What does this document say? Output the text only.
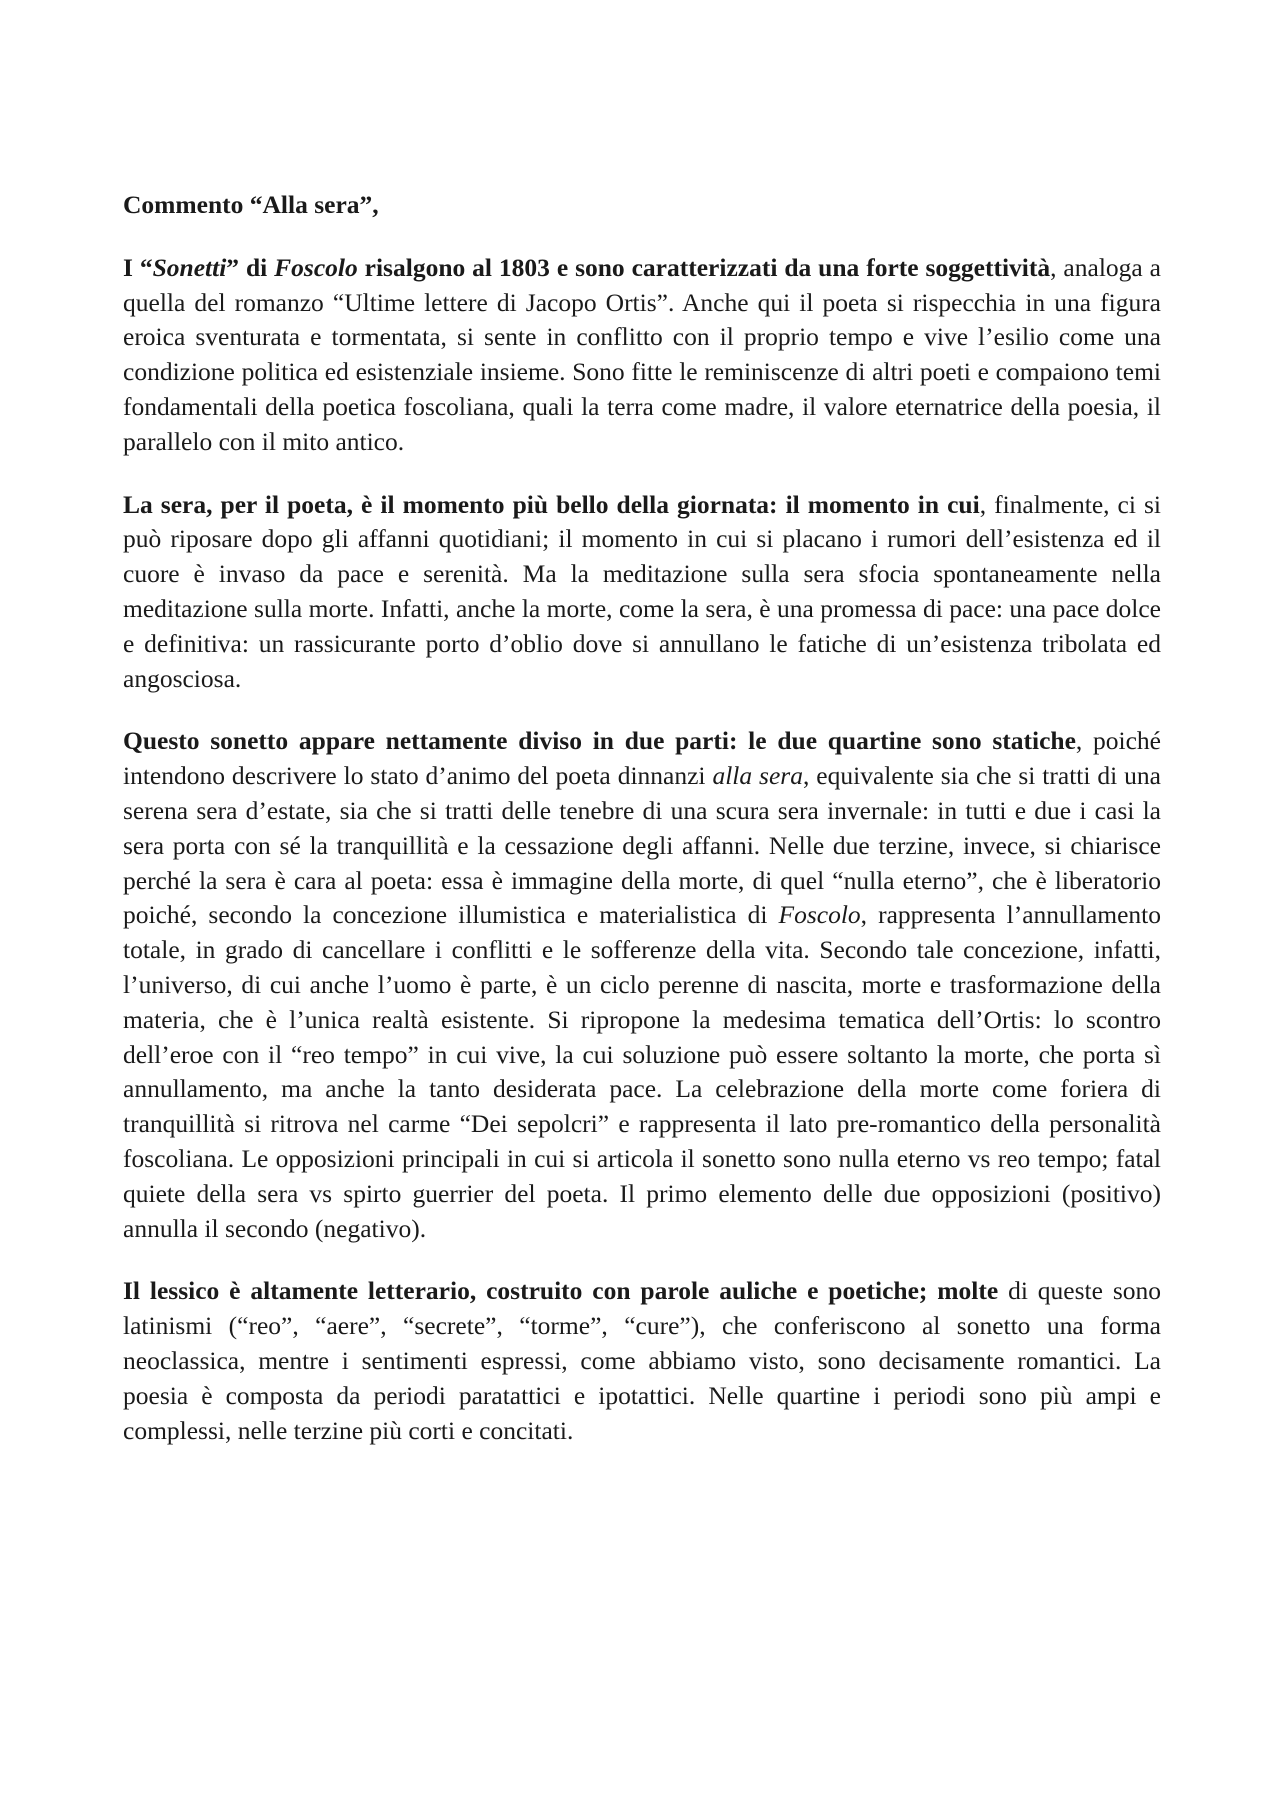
Commento “Alla sera”,
I “Sonetti” di Foscolo risalgono al 1803 e sono caratterizzati da una forte soggettività, analoga a quella del romanzo “Ultime lettere di Jacopo Ortis”. Anche qui il poeta si rispecchia in una figura eroica sventurata e tormentata, si sente in conflitto con il proprio tempo e vive l’esilio come una condizione politica ed esistenziale insieme. Sono fitte le reminiscenze di altri poeti e compaiono temi fondamentali della poetica foscoliana, quali la terra come madre, il valore eternatrice della poesia, il parallelo con il mito antico.
La sera, per il poeta, è il momento più bello della giornata: il momento in cui, finalmente, ci si può riposare dopo gli affanni quotidiani; il momento in cui si placano i rumori dell’esistenza ed il cuore è invaso da pace e serenità. Ma la meditazione sulla sera sfocia spontaneamente nella meditazione sulla morte. Infatti, anche la morte, come la sera, è una promessa di pace: una pace dolce e definitiva: un rassicurante porto d’oblio dove si annullano le fatiche di un’esistenza tribolata ed angosciosa.
Questo sonetto appare nettamente diviso in due parti: le due quartine sono statiche, poiché intendono descrivere lo stato d’animo del poeta dinnanzi alla sera, equivalente sia che si tratti di una serena sera d’estate, sia che si tratti delle tenebre di una scura sera invernale: in tutti e due i casi la sera porta con sé la tranquillità e la cessazione degli affanni. Nelle due terzine, invece, si chiarisce perché la sera è cara al poeta: essa è immagine della morte, di quel “nulla eterno”, che è liberatorio poiché, secondo la concezione illumistica e materialistica di Foscolo, rappresenta l’annullamento totale, in grado di cancellare i conflitti e le sofferenze della vita. Secondo tale concezione, infatti, l’universo, di cui anche l’uomo è parte, è un ciclo perenne di nascita, morte e trasformazione della materia, che è l’unica realtà esistente. Si ripropone la medesima tematica dell’Ortis: lo scontro dell’eroe con il “reo tempo” in cui vive, la cui soluzione può essere soltanto la morte, che porta sì annullamento, ma anche la tanto desiderata pace. La celebrazione della morte come foriera di tranquillità si ritrova nel carme “Dei sepolcri” e rappresenta il lato pre-romantico della personalità foscoliana. Le opposizioni principali in cui si articola il sonetto sono nulla eterno vs reo tempo; fatal quiete della sera vs spirto guerrier del poeta. Il primo elemento delle due opposizioni (positivo) annulla il secondo (negativo).
Il lessico è altamente letterario, costruito con parole auliche e poetiche; molte di queste sono latinismi (“reo”, “aere”, “secrete”, “torme”, “cure”), che conferiscono al sonetto una forma neoclassica, mentre i sentimenti espressi, come abbiamo visto, sono decisamente romantici. La poesia è composta da periodi paratattici e ipotattici. Nelle quartine i periodi sono più ampi e complessi, nelle terzine più corti e concitati.
